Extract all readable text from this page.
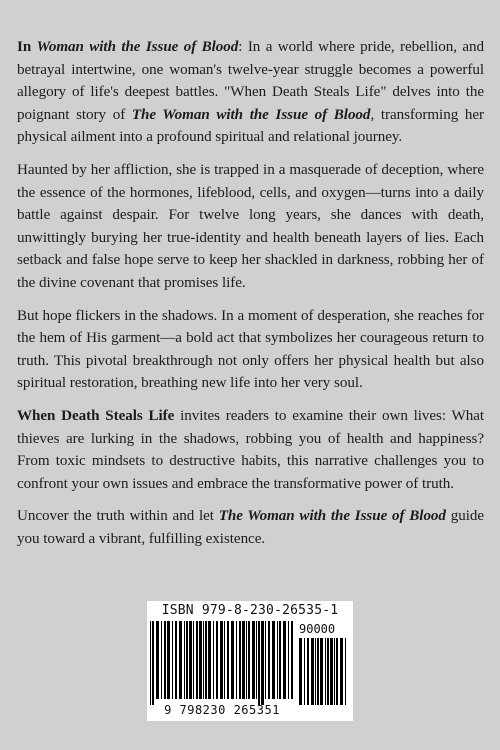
In Woman with the Issue of Blood: In a world where pride, rebellion, and betrayal intertwine, one woman's twelve-year struggle becomes a powerful allegory of life's deepest battles. "When Death Steals Life" delves into the poignant story of The Woman with the Issue of Blood, transforming her physical ailment into a profound spiritual and relational journey.

Haunted by her affliction, she is trapped in a masquerade of deception, where the essence of the hormones, lifeblood, cells, and oxygen—turns into a daily battle against despair. For twelve long years, she dances with death, unwittingly burying her true-identity and health beneath layers of lies. Each setback and false hope serve to keep her shackled in darkness, robbing her of the divine covenant that promises life.

But hope flickers in the shadows. In a moment of desperation, she reaches for the hem of His garment—a bold act that symbolizes her courageous return to truth. This pivotal breakthrough not only offers her physical health but also spiritual restoration, breathing new life into her very soul.

When Death Steals Life invites readers to examine their own lives: What thieves are lurking in the shadows, robbing you of health and happiness? From toxic mindsets to destructive habits, this narrative challenges you to confront your own issues and embrace the transformative power of truth.

Uncover the truth within and let The Woman with the Issue of Blood guide you toward a vibrant, fulfilling existence.

ISBN 979-8-230-26535-1
90000
9 798230 265351
